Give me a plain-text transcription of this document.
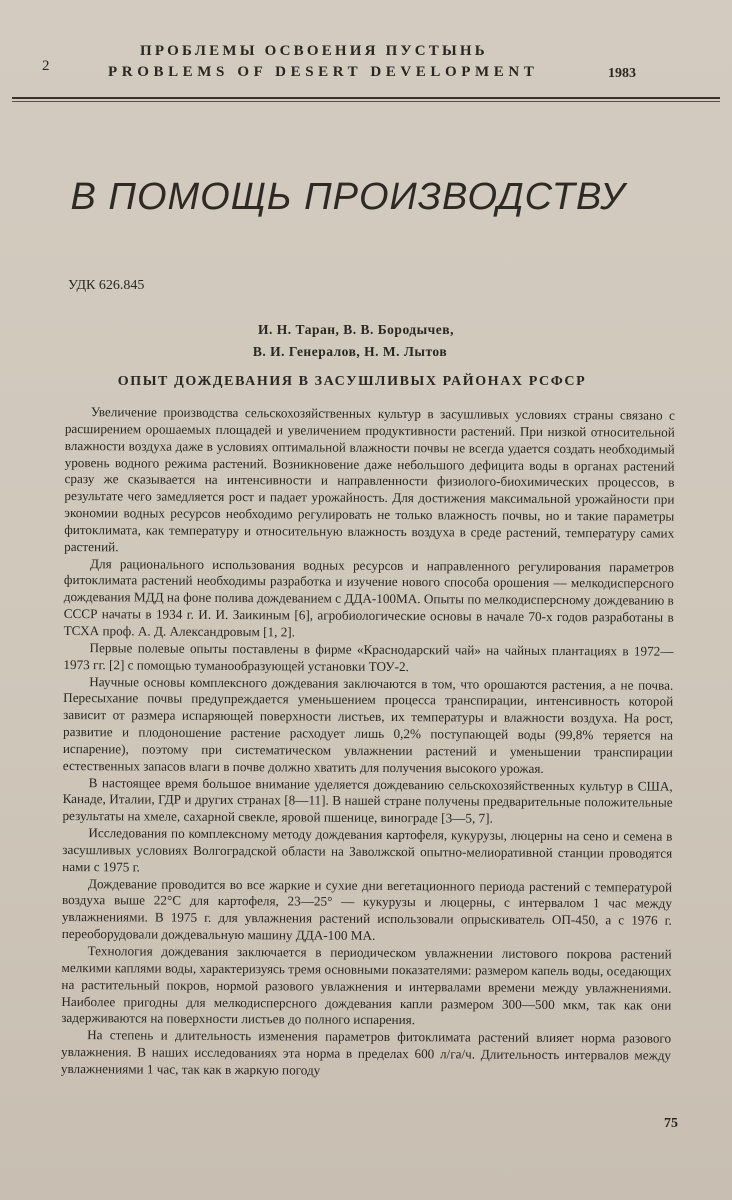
2
ПРОБЛЕМЫ ОСВОЕНИЯ ПУСТЫНЬ
PROBLEMS OF DESERT DEVELOPMENT	1983
В ПОМОЩЬ ПРОИЗВОДСТВУ
УДК 626.845
И. Н. Таран, В. В. Бородычев,
В. И. Генералов, Н. М. Лытов
ОПЫТ ДОЖДЕВАНИЯ В ЗАСУШЛИВЫХ РАЙОНАХ РСФСР

Увеличение производства сельскохозяйственных культур в засушливых условиях страны связано с расширением орошаемых площадей и увеличением продуктивности растений. При низкой относительной влажности воздуха даже в условиях оптимальной влажности почвы не всегда удается создать необходимый уровень водного режима растений. Возникновение даже небольшого дефицита воды в органах растений сразу же сказывается на интенсивности и направленности физиолого-биохимических процессов, в результате чего замедляется рост и падает урожайность. Для достижения максимальной урожайности при экономии водных ресурсов необходимо регулировать не только влажность почвы, но и такие параметры фитоклимата, как температуру и относительную влажность воздуха в среде растений, температуру самих растений.

Для рационального использования водных ресурсов и направленного регулирования параметров фитоклимата растений необходимы разработка и изучение нового способа орошения — мелкодисперсного дождевания МДД на фоне полива дождеванием с ДДА-100МА. Опыты по мелкодисперсному дождеванию в СССР начаты в 1934 г. И. И. Заикиным [6], агробиологические основы в начале 70-х годов разработаны в ТСХА проф. А. Д. Александровым [1, 2].

Первые полевые опыты поставлены в фирме «Краснодарский чай» на чайных плантациях в 1972—1973 гг. [2] с помощью туманообразующей установки ТОУ-2.

Научные основы комплексного дождевания заключаются в том, что орошаются растения, а не почва. Пересыхание почвы предупреждается уменьшением процесса транспирации, интенсивность которой зависит от размера испаряющей поверхности листьев, их температуры и влажности воздуха. На рост, развитие и плодоношение растение расходует лишь 0,2% поступающей воды (99,8% теряется на испарение), поэтому при систематическом увлажнении растений и уменьшении транспирации естественных запасов влаги в почве должно хватить для получения высокого урожая.

В настоящее время большое внимание уделяется дождеванию сельскохозяйственных культур в США, Канаде, Италии, ГДР и других странах [8—11]. В нашей стране получены предварительные положительные результаты на хмеле, сахарной свекле, яровой пшенице, винограде [3—5, 7].

Исследования по комплексному методу дождевания картофеля, кукурузы, люцерны на сено и семена в засушливых условиях Волгоградской области на Заволжской опытно-мелиоративной станции проводятся нами с 1975 г.

Дождевание проводится во все жаркие и сухие дни вегетационного периода растений с температурой воздуха выше 22°С для картофеля, 23—25° — кукурузы и люцерны, с интервалом 1 час между увлажнениями. В 1975 г. для увлажнения растений использовали опрыскиватель ОП-450, а с 1976 г. переоборудовали дождевальную машину ДДА-100 МА.

Технология дождевания заключается в периодическом увлажнении листового покрова растений мелкими каплями воды, характеризуясь тремя основными показателями: размером капель воды, оседающих на растительный покров, нормой разового увлажнения и интервалами времени между увлажнениями. Наиболее пригодны для мелкодисперсного дождевания капли размером 300—500 мкм, так как они задерживаются на поверхности листьев до полного испарения.

На степень и длительность изменения параметров фитоклимата растений влияет норма разового увлажнения. В наших исследованиях эта норма в пределах 600 л/га/ч. Длительность интервалов между увлажнениями 1 час, так как в жаркую погоду

75
